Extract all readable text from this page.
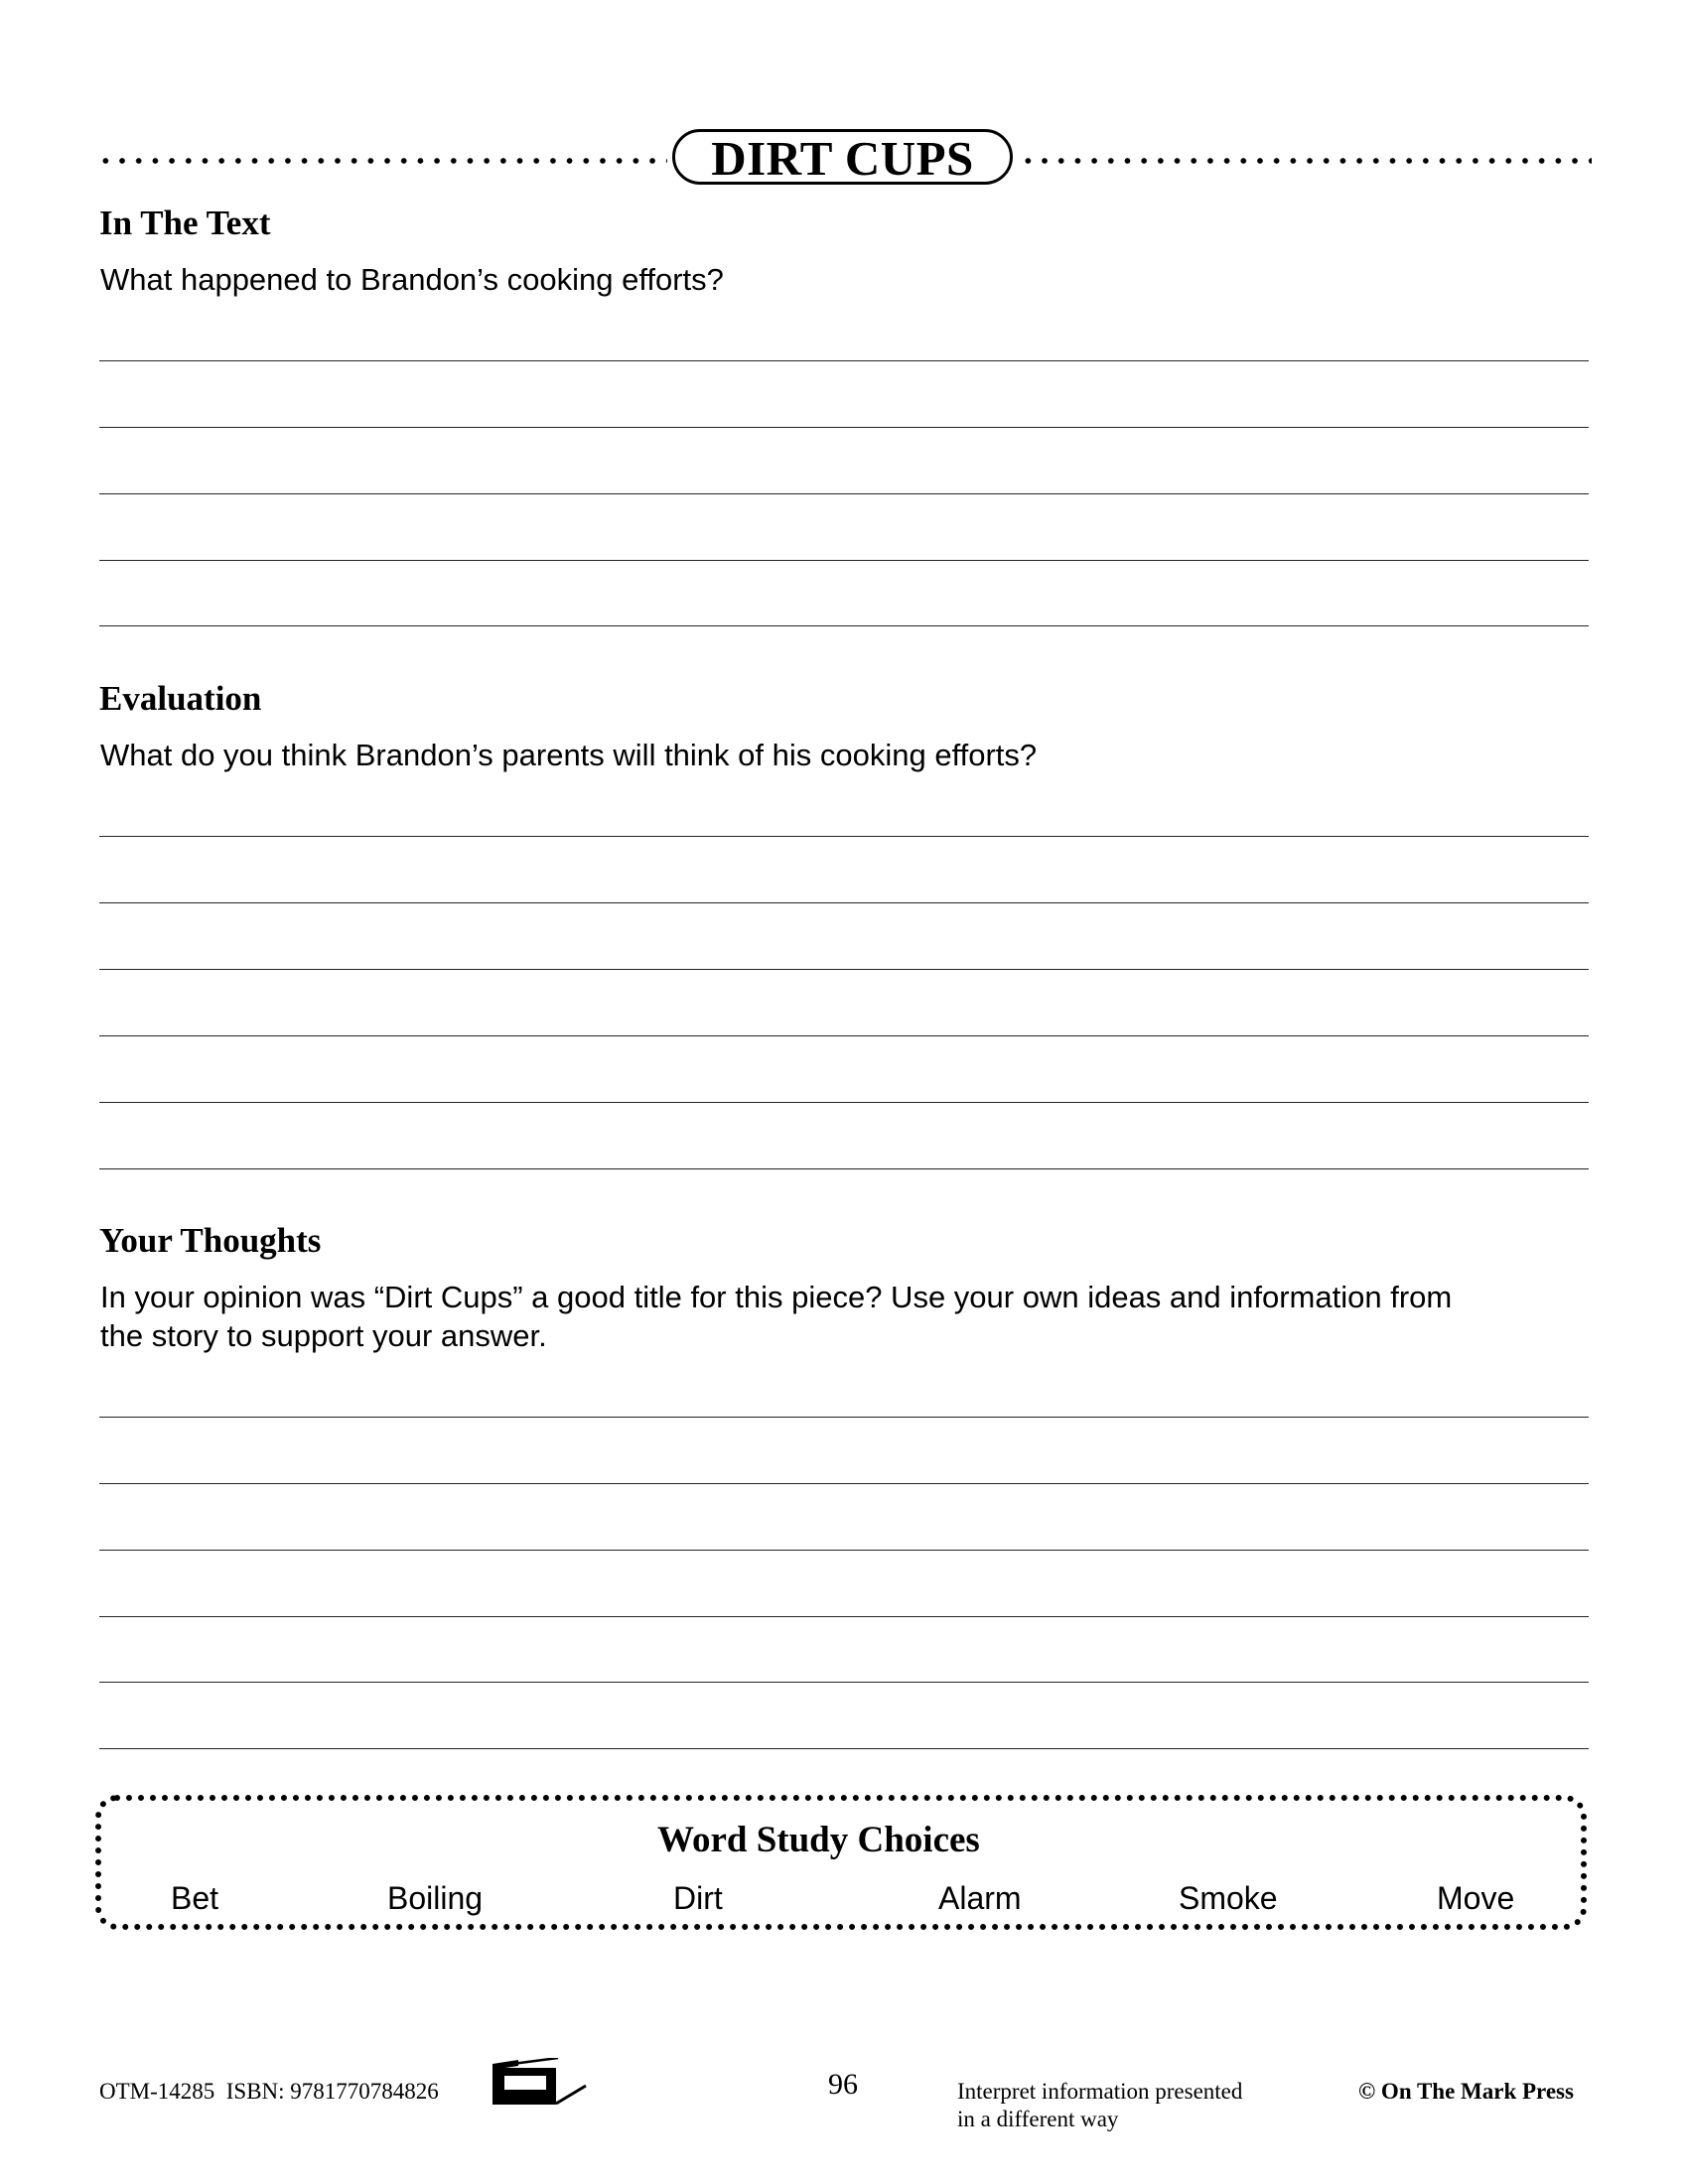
DIRT CUPS
In The Text
What happened to Brandon’s cooking efforts?
Evaluation
What do you think Brandon’s parents will think of his cooking efforts?
Your Thoughts
In your opinion was “Dirt Cups” a good title for this piece? Use your own ideas and information from
the story to support your answer.
Word Study Choices
Bet	Boiling	Dirt	Alarm	Smoke	Move
OTM-14285  ISBN: 9781770784826	96	Interpret information presented
in a different way
© On The Mark Press
